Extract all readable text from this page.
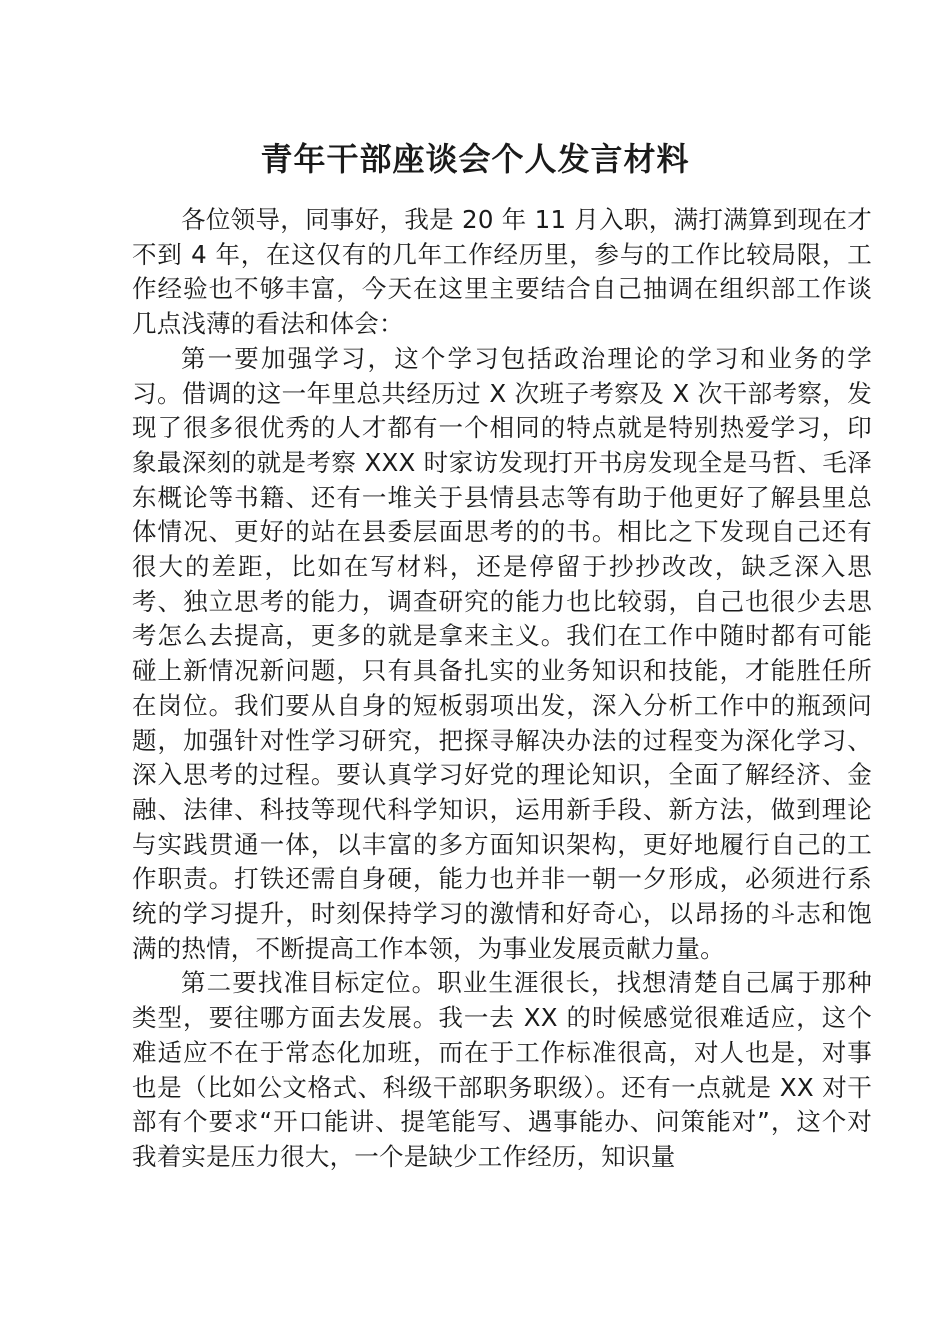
青年干部座谈会个人发言材料

各位领导，同事好，我是 20 年 11 月入职，满打满算到现在才不到 4 年，在这仅有的几年工作经历里，参与的工作比较局限，工作经验也不够丰富，今天在这里主要结合自己抽调在组织部工作谈几点浅薄的看法和体会：

第一要加强学习，这个学习包括政治理论的学习和业务的学习。借调的这一年里总共经历过 X 次班子考察及 X 次干部考察，发现了很多很优秀的人才都有一个相同的特点就是特别热爱学习，印象最深刻的就是考察 XXX 时家访发现打开书房发现全是马哲、毛泽东概论等书籍、还有一堆关于县情县志等有助于他更好了解县里总体情况、更好的站在县委层面思考的的书。相比之下发现自己还有很大的差距，比如在写材料，还是停留于抄抄改改，缺乏深入思考、独立思考的能力，调查研究的能力也比较弱，自己也很少去思考怎么去提高，更多的就是拿来主义。我们在工作中随时都有可能碰上新情况新问题，只有具备扎实的业务知识和技能，才能胜任所在岗位。我们要从自身的短板弱项出发，深入分析工作中的瓶颈问题，加强针对性学习研究，把探寻解决办法的过程变为深化学习、深入思考的过程。要认真学习好党的理论知识，全面了解经济、金融、法律、科技等现代科学知识，运用新手段、新方法，做到理论与实践贯通一体，以丰富的多方面知识架构，更好地履行自己的工作职责。打铁还需自身硬，能力也并非一朝一夕形成，必须进行系统的学习提升，时刻保持学习的激情和好奇心，以昂扬的斗志和饱满的热情，不断提高工作本领，为事业发展贡献力量。

第二要找准目标定位。职业生涯很长，找想清楚自己属于那种类型，要往哪方面去发展。我一去 XX 的时候感觉很难适应，这个难适应不在于常态化加班，而在于工作标准很高，对人也是，对事也是（比如公文格式、科级干部职务职级）。还有一点就是 XX 对干部有个要求“开口能讲、提笔能写、遇事能办、问策能对”，这个对我着实是压力很大，一个是缺少工作经历，知识量
